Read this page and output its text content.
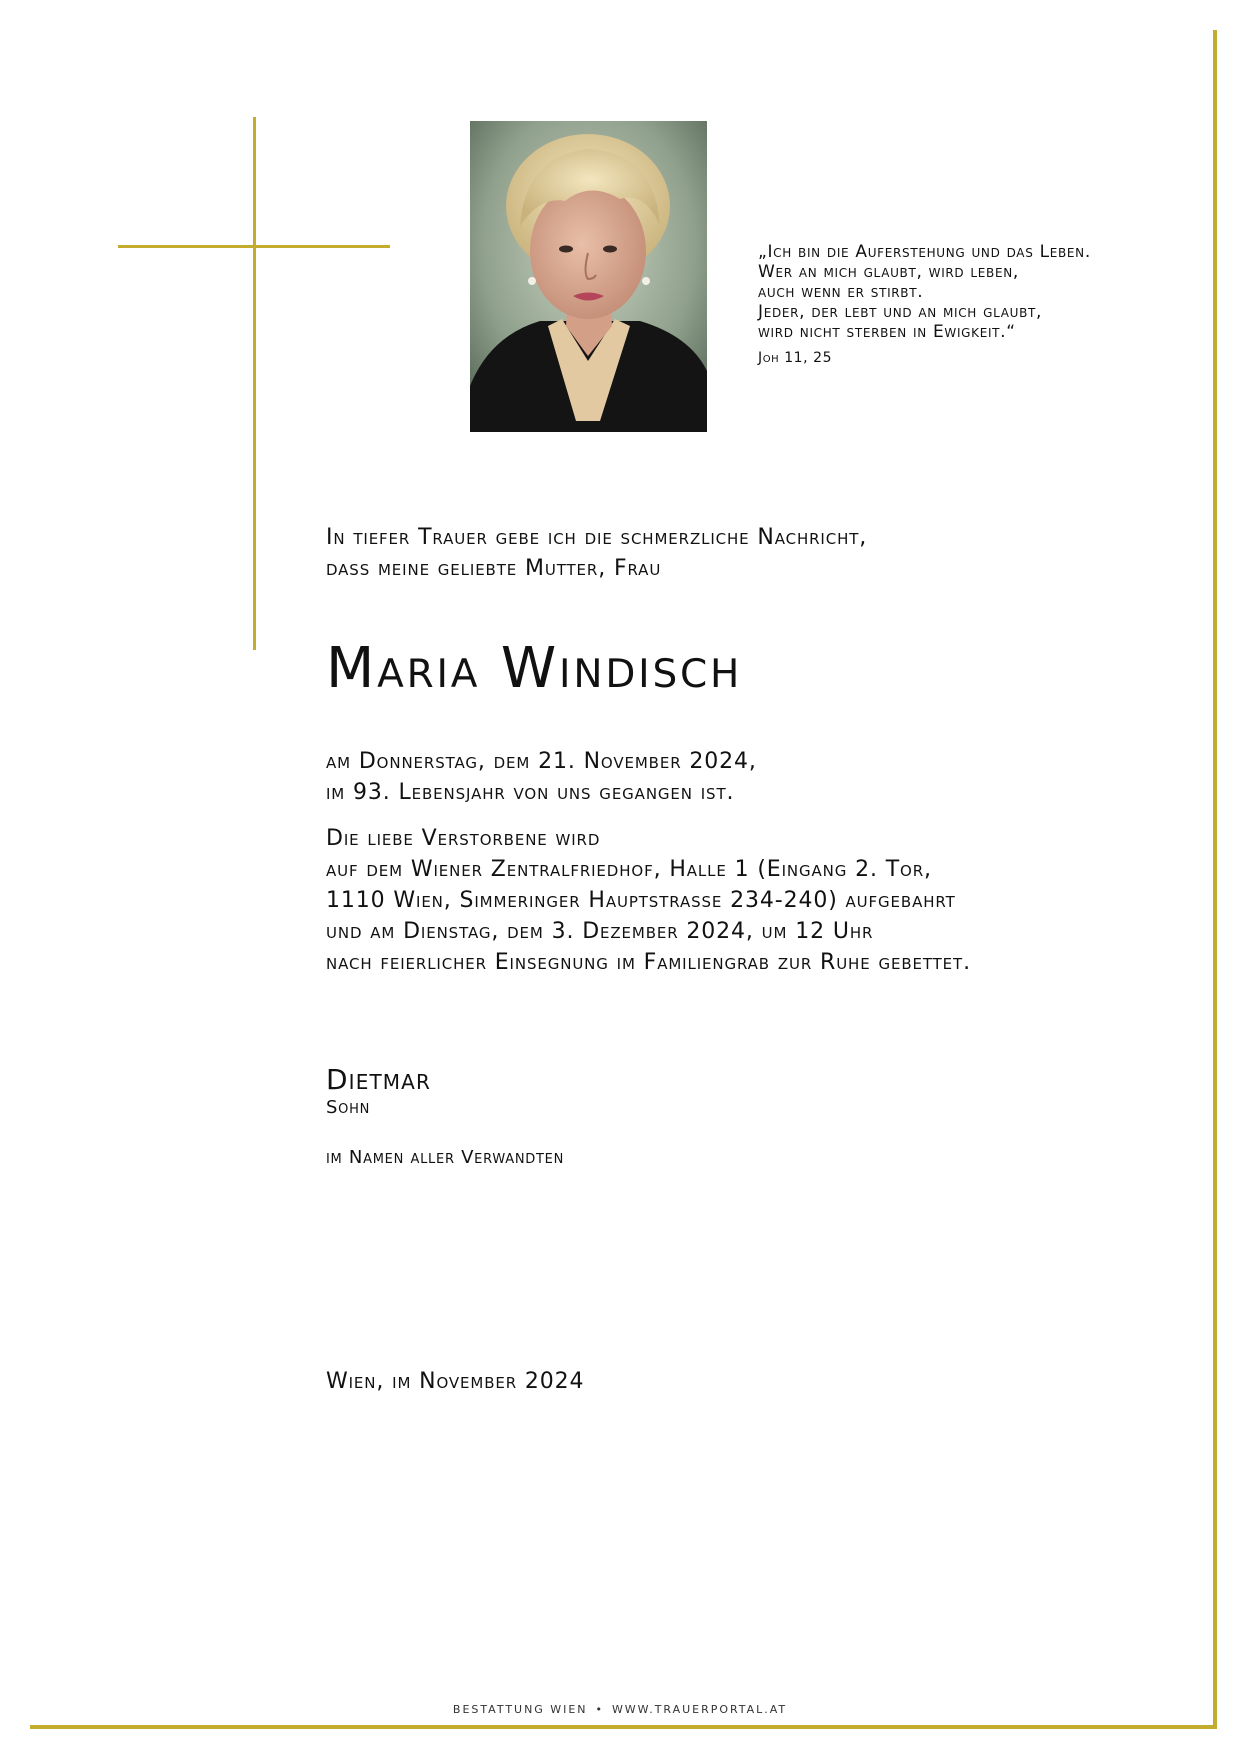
„Ich bin die Auferstehung und das Leben.
Wer an mich glaubt, wird leben,
auch wenn er stirbt.
Jeder, der lebt und an mich glaubt,
wird nicht sterben in Ewigkeit.“
Joh 11, 25
In tiefer Trauer gebe ich die schmerzliche Nachricht,
dass meine geliebte Mutter, Frau
Maria Windisch
am Donnerstag, dem 21. November 2024,
im 93. Lebensjahr von uns gegangen ist.
Die liebe Verstorbene wird
auf dem Wiener Zentralfriedhof, Halle 1 (Eingang 2. Tor,
1110 Wien, Simmeringer Hauptstrasse 234-240) aufgebahrt
und am Dienstag, dem 3. Dezember 2024, um 12 Uhr
nach feierlicher Einsegnung im Familiengrab zur Ruhe gebettet.
Dietmar
Sohn
im Namen aller Verwandten
Wien, im November 2024
BESTATTUNG WIEN • WWW.TRAUERPORTAL.AT
